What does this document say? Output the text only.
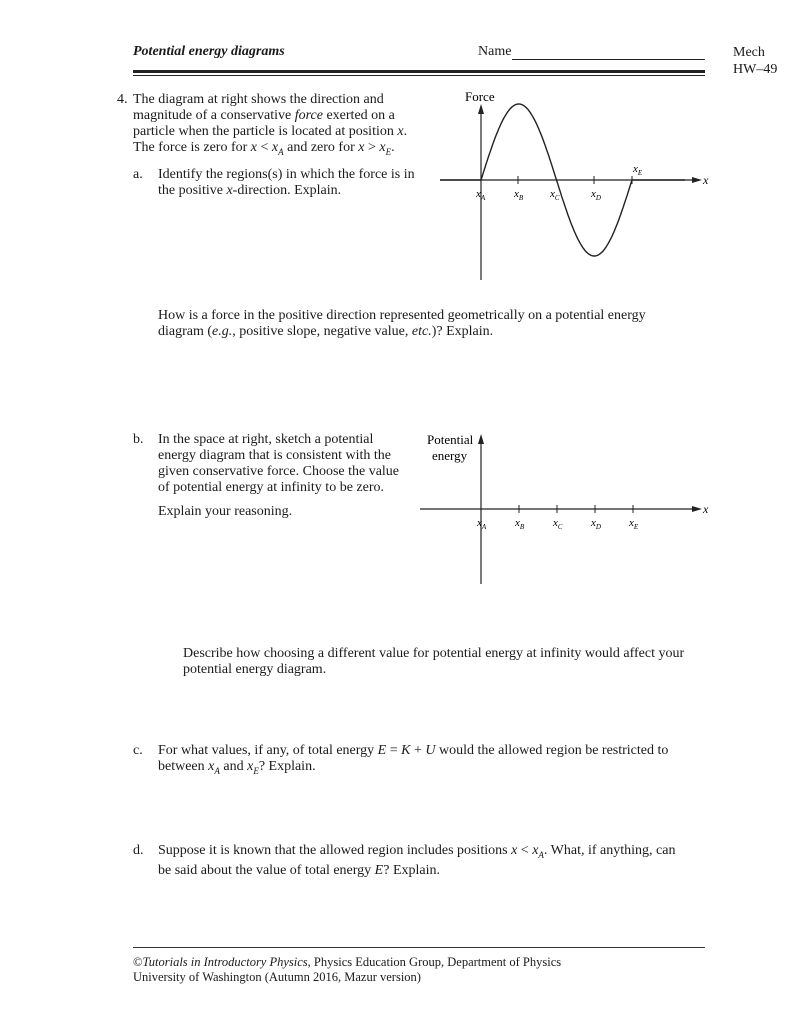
Potential energy diagrams	Name	Mech
HW–49
4. The diagram at right shows the direction and
magnitude of a conservative force exerted on a
particle when the particle is located at position x.
The force is zero for $x < x_A$ and zero for $x > x_E$.
a. Identify the regions(s) in which the force is in
the positive x-direction. Explain.
Force
x
$x_A$	$x_B$ $x_C$	$x_D$
$x_E$
How is a force in the positive direction represented geometrically on a potential energy
diagram (e.g., positive slope, negative value, etc.)? Explain.
b. In the space at right, sketch a potential
energy diagram that is consistent with the
given conservative force. Choose the value
of potential energy at infinity to be zero.
Explain your reasoning.
Potential
energy
x
$x_A$	$x_B$	$x_C$	$x_D$	$x_E$
Describe how choosing a different value for potential energy at infinity would affect your
potential energy diagram.
c. For what values, if any, of total energy E = K + U would the allowed region be restricted to
between $x_A$ and $x_E$? Explain.
d. Suppose it is known that the allowed region includes positions $x < x_A$. What, if anything, can
be said about the value of total energy E? Explain.
©Tutorials in Introductory Physics, Physics Education Group, Department of Physics
University of Washington (Autumn 2016, Mazur version)
